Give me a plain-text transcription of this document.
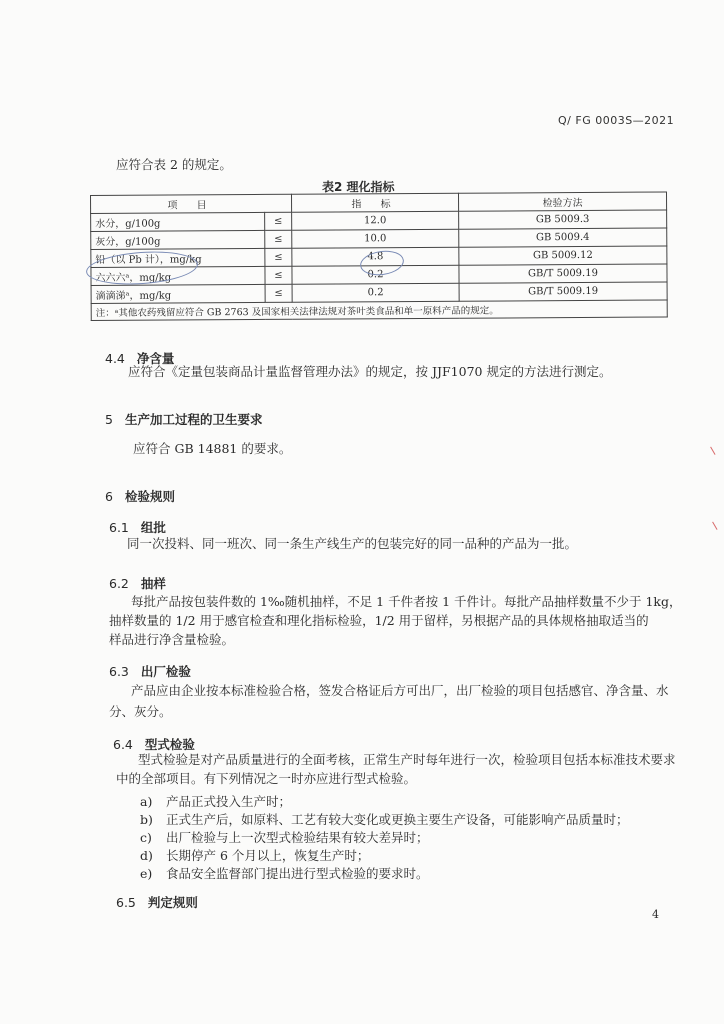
Q/ FG 0003S—2021
应符合表 2 的规定。
表2 理化指标
项 目		指 标	检验方法
水分，g/100g	≤	12.0	GB 5009.3
灰分，g/100g	≤	10.0	GB 5009.4
铅（以 Pb 计），mg/kg	≤	4.8	GB 5009.12
六六六ᵃ，mg/kg	≤	0.2	GB/T 5009.19
滴滴涕ᵃ，mg/kg	≤	0.2	GB/T 5009.19
注：ᵃ其他农药残留应符合 GB 2763 及国家相关法律法规对茶叶类食品和单一原料产品的规定。			
4.4 净含量
应符合《定量包装商品计量监督管理办法》的规定，按 JJF1070 规定的方法进行测定。
5 生产加工过程的卫生要求
应符合 GB 14881 的要求。
6 检验规则
6.1 组批
同一次投料、同一班次、同一条生产线生产的包装完好的同一品种的产品为一批。
6.2 抽样
每批产品按包装件数的 1‰随机抽样，不足 1 千件者按 1 千件计。每批产品抽样数量不少于 1kg，
抽样数量的 1/2 用于感官检查和理化指标检验，1/2 用于留样，另根据产品的具体规格抽取适当的
样品进行净含量检验。
6.3 出厂检验
产品应由企业按本标准检验合格，签发合格证后方可出厂，出厂检验的项目包括感官、净含量、水
分、灰分。
6.4 型式检验
型式检验是对产品质量进行的全面考核，正常生产时每年进行一次，检验项目包括本标准技术要求
中的全部项目。有下列情况之一时亦应进行型式检验。
a) 产品正式投入生产时；
b) 正式生产后，如原料、工艺有较大变化或更换主要生产设备，可能影响产品质量时；
c) 出厂检验与上一次型式检验结果有较大差异时；
d) 长期停产 6 个月以上，恢复生产时；
e) 食品安全监督部门提出进行型式检验的要求时。
6.5 判定规则
4
